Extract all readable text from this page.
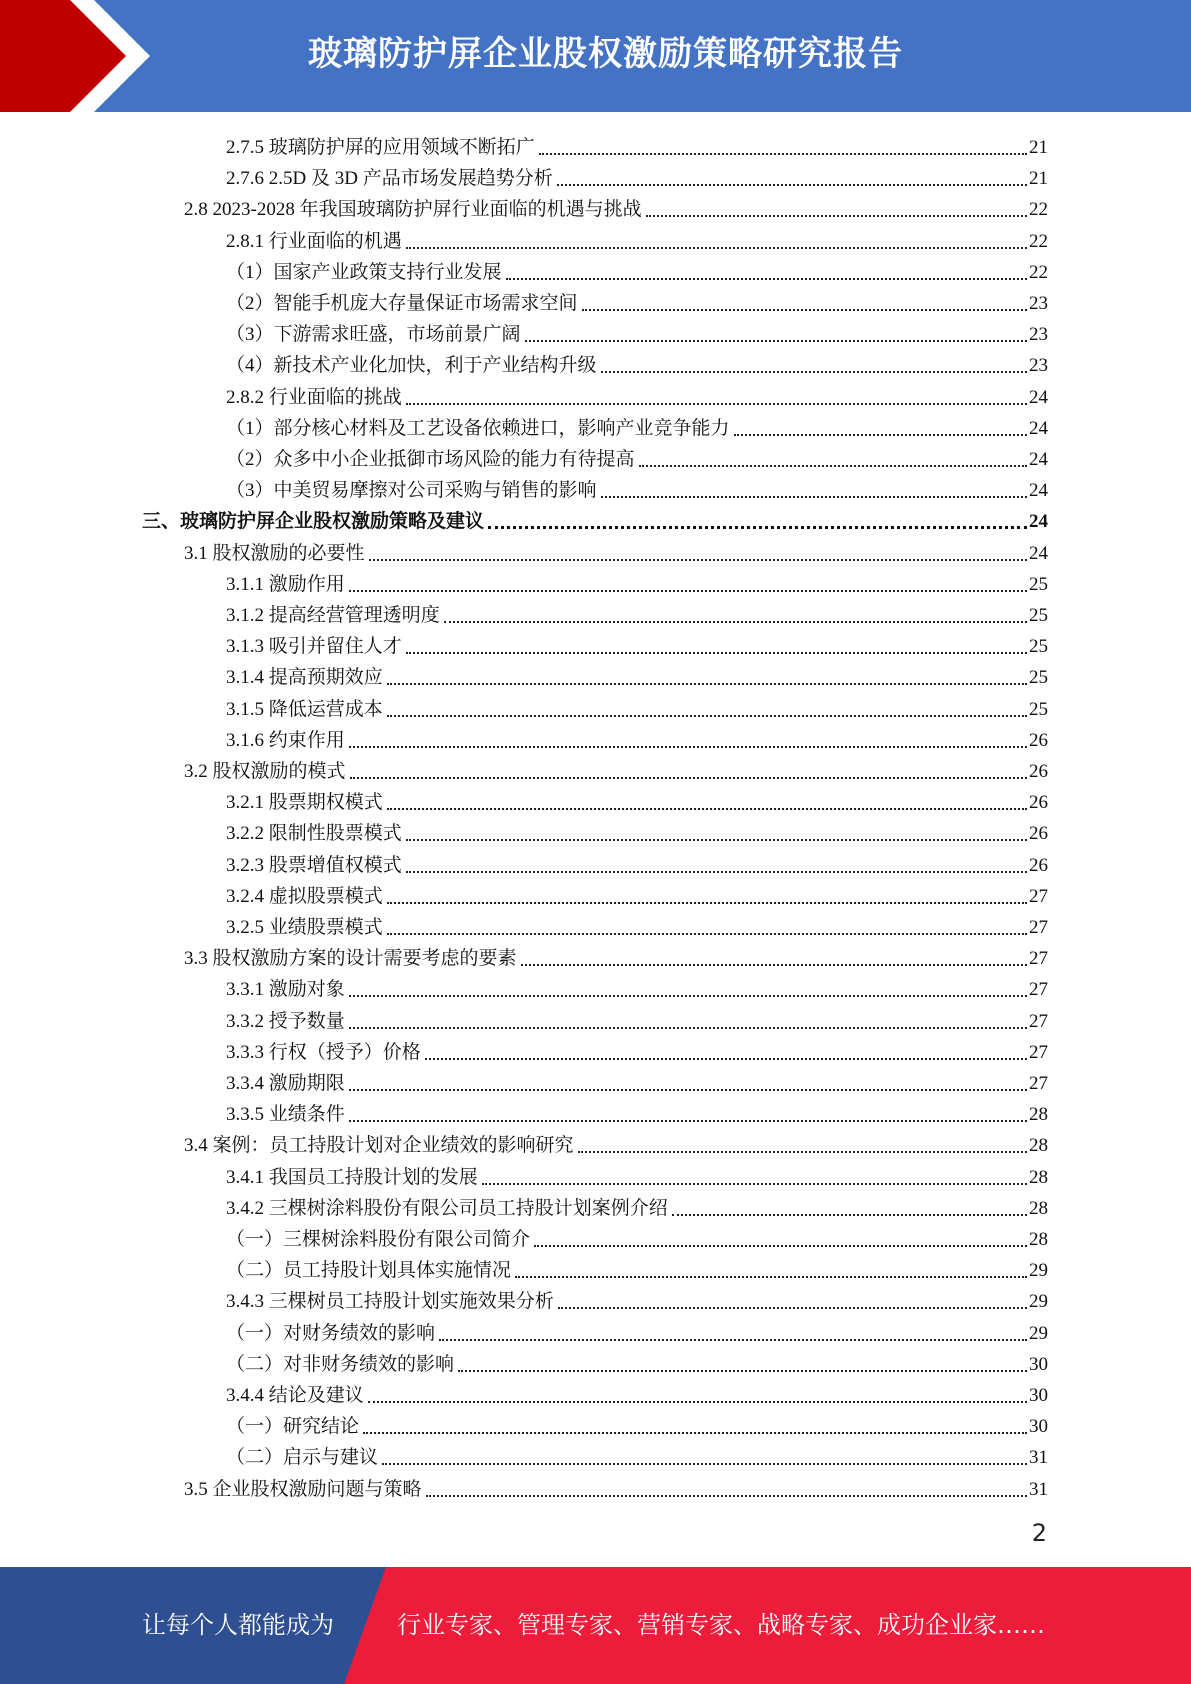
玻璃防护屏企业股权激励策略研究报告
2.7.5 玻璃防护屏的应用领域不断拓广	21
2.7.6 2.5D 及 3D 产品市场发展趋势分析	21
2.8 2023-2028 年我国玻璃防护屏行业面临的机遇与挑战	22
2.8.1 行业面临的机遇	22
（1）国家产业政策支持行业发展	22
（2）智能手机庞大存量保证市场需求空间	23
（3）下游需求旺盛，市场前景广阔	23
（4）新技术产业化加快，利于产业结构升级	23
2.8.2 行业面临的挑战	24
（1）部分核心材料及工艺设备依赖进口，影响产业竞争能力	24
（2）众多中小企业抵御市场风险的能力有待提高	24
（3）中美贸易摩擦对公司采购与销售的影响	24
三、玻璃防护屏企业股权激励策略及建议	24
3.1 股权激励的必要性	24
3.1.1 激励作用	25
3.1.2 提高经营管理透明度	25
3.1.3 吸引并留住人才	25
3.1.4 提高预期效应	25
3.1.5 降低运营成本	25
3.1.6 约束作用	26
3.2 股权激励的模式	26
3.2.1 股票期权模式	26
3.2.2 限制性股票模式	26
3.2.3 股票增值权模式	26
3.2.4 虚拟股票模式	27
3.2.5 业绩股票模式	27
3.3 股权激励方案的设计需要考虑的要素	27
3.3.1 激励对象	27
3.3.2 授予数量	27
3.3.3 行权（授予）价格	27
3.3.4 激励期限	27
3.3.5 业绩条件	28
3.4 案例：员工持股计划对企业绩效的影响研究	28
3.4.1 我国员工持股计划的发展	28
3.4.2 三棵树涂料股份有限公司员工持股计划案例介绍	28
（一）三棵树涂料股份有限公司简介	28
（二）员工持股计划具体实施情况	29
3.4.3 三棵树员工持股计划实施效果分析	29
（一）对财务绩效的影响	29
（二）对非财务绩效的影响	30
3.4.4 结论及建议	30
（一）研究结论	30
（二）启示与建议	31
3.5 企业股权激励问题与策略	31
2
让每个人都能成为	行业专家、管理专家、营销专家、战略专家、成功企业家……
